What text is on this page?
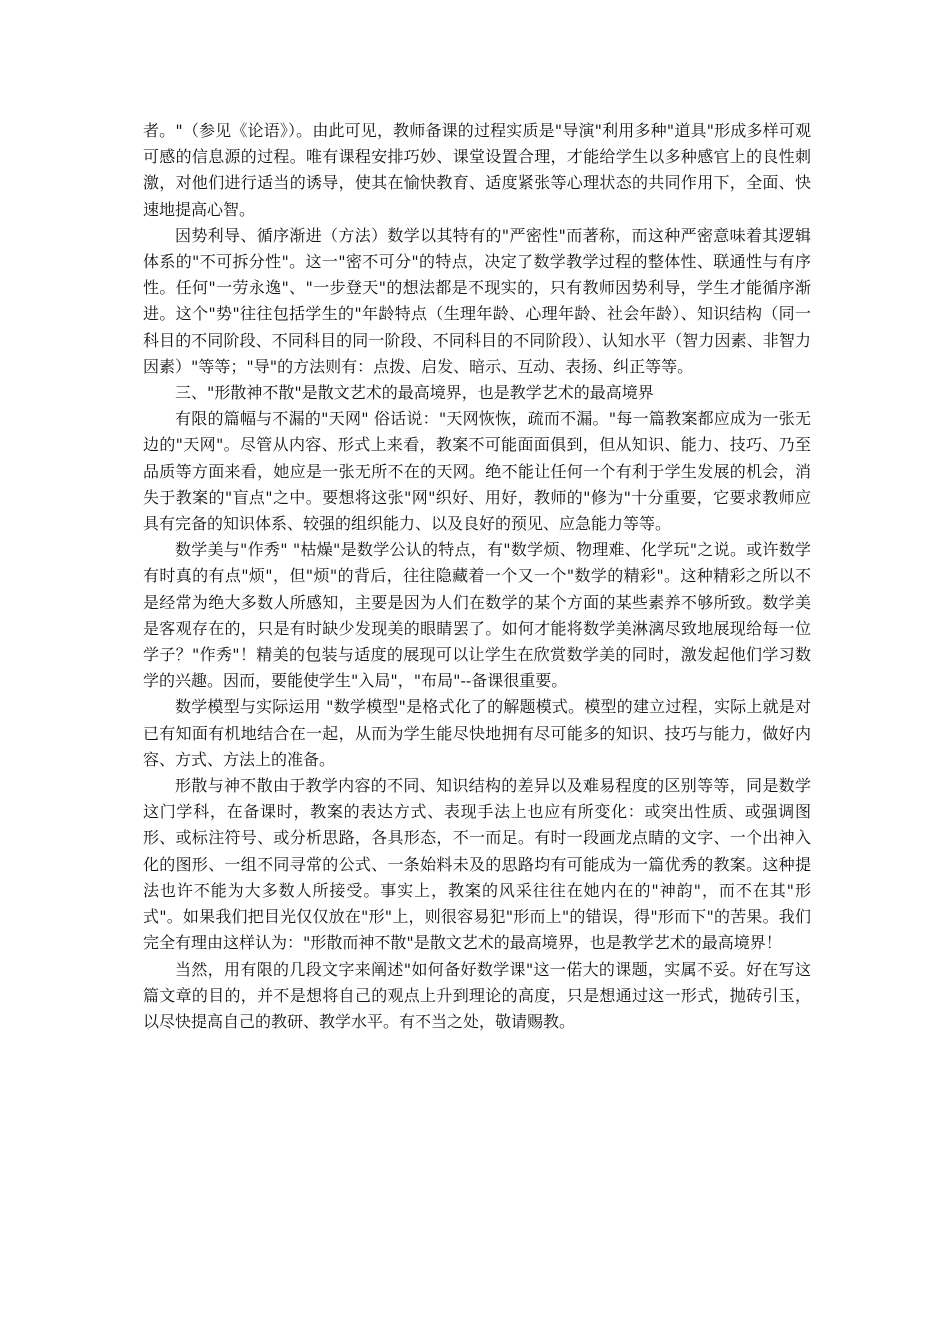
者。"（参见《论语》）。由此可见，教师备课的过程实质是"导演"利用多种"道具"形成多样可观可感的信息源的过程。唯有课程安排巧妙、课堂设置合理，才能给学生以多种感官上的良性刺激，对他们进行适当的诱导，使其在愉快教育、适度紧张等心理状态的共同作用下，全面、快速地提高心智。

因势利导、循序渐进（方法）数学以其特有的"严密性"而著称，而这种严密意味着其逻辑体系的"不可拆分性"。这一"密不可分"的特点，决定了数学教学过程的整体性、联通性与有序性。任何"一劳永逸"、"一步登天"的想法都是不现实的，只有教师因势利导，学生才能循序渐进。这个"势"往往包括学生的"年龄特点（生理年龄、心理年龄、社会年龄）、知识结构（同一科目的不同阶段、不同科目的同一阶段、不同科目的不同阶段）、认知水平（智力因素、非智力因素）"等等；"导"的方法则有：点拨、启发、暗示、互动、表扬、纠正等等。

三、"形散神不散"是散文艺术的最高境界，也是教学艺术的最高境界

有限的篇幅与不漏的"天网" 俗话说："天网恢恢，疏而不漏。"每一篇教案都应成为一张无边的"天网"。尽管从内容、形式上来看，教案不可能面面俱到，但从知识、能力、技巧、乃至品质等方面来看，她应是一张无所不在的天网。绝不能让任何一个有利于学生发展的机会，消失于教案的"盲点"之中。要想将这张"网"织好、用好，教师的"修为"十分重要，它要求教师应具有完备的知识体系、较强的组织能力、以及良好的预见、应急能力等等。

数学美与"作秀" "枯燥"是数学公认的特点，有"数学烦、物理难、化学玩"之说。或许数学有时真的有点"烦"，但"烦"的背后，往往隐藏着一个又一个"数学的精彩"。这种精彩之所以不是经常为绝大多数人所感知，主要是因为人们在数学的某个方面的某些素养不够所致。数学美是客观存在的，只是有时缺少发现美的眼睛罢了。如何才能将数学美淋漓尽致地展现给每一位学子？"作秀"！精美的包装与适度的展现可以让学生在欣赏数学美的同时，激发起他们学习数学的兴趣。因而，要能使学生"入局"，"布局"--备课很重要。

数学模型与实际运用 "数学模型"是格式化了的解题模式。模型的建立过程，实际上就是对已有知面有机地结合在一起，从而为学生能尽快地拥有尽可能多的知识、技巧与能力，做好内容、方式、方法上的准备。

形散与神不散由于教学内容的不同、知识结构的差异以及难易程度的区别等等，同是数学这门学科，在备课时，教案的表达方式、表现手法上也应有所变化：或突出性质、或强调图形、或标注符号、或分析思路，各具形态，不一而足。有时一段画龙点睛的文字、一个出神入化的图形、一组不同寻常的公式、一条始料未及的思路均有可能成为一篇优秀的教案。这种提法也许不能为大多数人所接受。事实上，教案的风采往往在她内在的"神韵"，而不在其"形式"。如果我们把目光仅仅放在"形"上，则很容易犯"形而上"的错误，得"形而下"的苦果。我们完全有理由这样认为："形散而神不散"是散文艺术的最高境界，也是教学艺术的最高境界！

当然，用有限的几段文字来阐述"如何备好数学课"这一偌大的课题，实属不妥。好在写这篇文章的目的，并不是想将自己的观点上升到理论的高度，只是想通过这一形式，抛砖引玉，以尽快提高自己的教研、教学水平。有不当之处，敬请赐教。
